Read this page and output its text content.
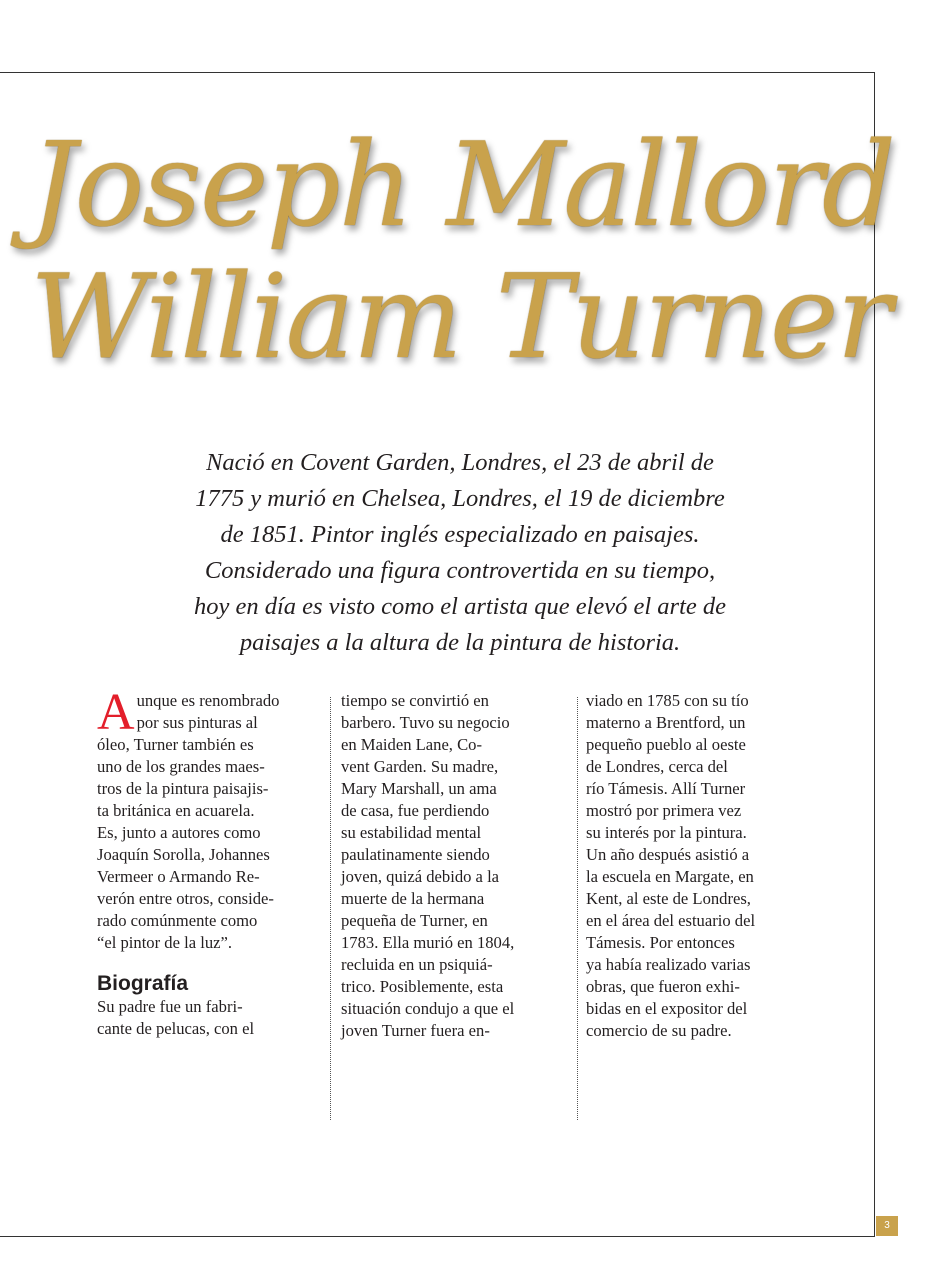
Joseph Mallord
William Turner

Nació en Covent Garden, Londres, el 23 de abril de
1775 y murió en Chelsea, Londres, el 19 de diciembre
de 1851. Pintor inglés especializado en paisajes.
Considerado una figura controvertida en su tiempo,
hoy en día es visto como el artista que elevó el arte de
paisajes a la altura de la pintura de historia.

A unque es renombrado
por sus pinturas al
óleo, Turner también es
uno de los grandes maes-
tros de la pintura paisajis-
ta británica en acuarela.
Es, junto a autores como
Joaquín Sorolla, Johannes
Vermeer o Armando Re-
verón entre otros, conside-
rado comúnmente como
“el pintor de la luz”.
Biografía
Su padre fue un fabri-
cante de pelucas, con el
tiempo se convirtió en
barbero. Tuvo su negocio
en Maiden Lane, Co-
vent Garden. Su madre,
Mary Marshall, un ama
de casa, fue perdiendo
su estabilidad mental
paulatinamente siendo
joven, quizá debido a la
muerte de la hermana
pequeña de Turner, en
1783. Ella murió en 1804,
recluida en un psiquiá-
trico. Posiblemente, esta
situación condujo a que el
joven Turner fuera en-
viado en 1785 con su tío
materno a Brentford, un
pequeño pueblo al oeste
de Londres, cerca del
río Támesis. Allí Turner
mostró por primera vez
su interés por la pintura.
Un año después asistió a
la escuela en Margate, en
Kent, al este de Londres,
en el área del estuario del
Támesis. Por entonces
ya había realizado varias
obras, que fueron exhi-
bidas en el expositor del
comercio de su padre.
3
